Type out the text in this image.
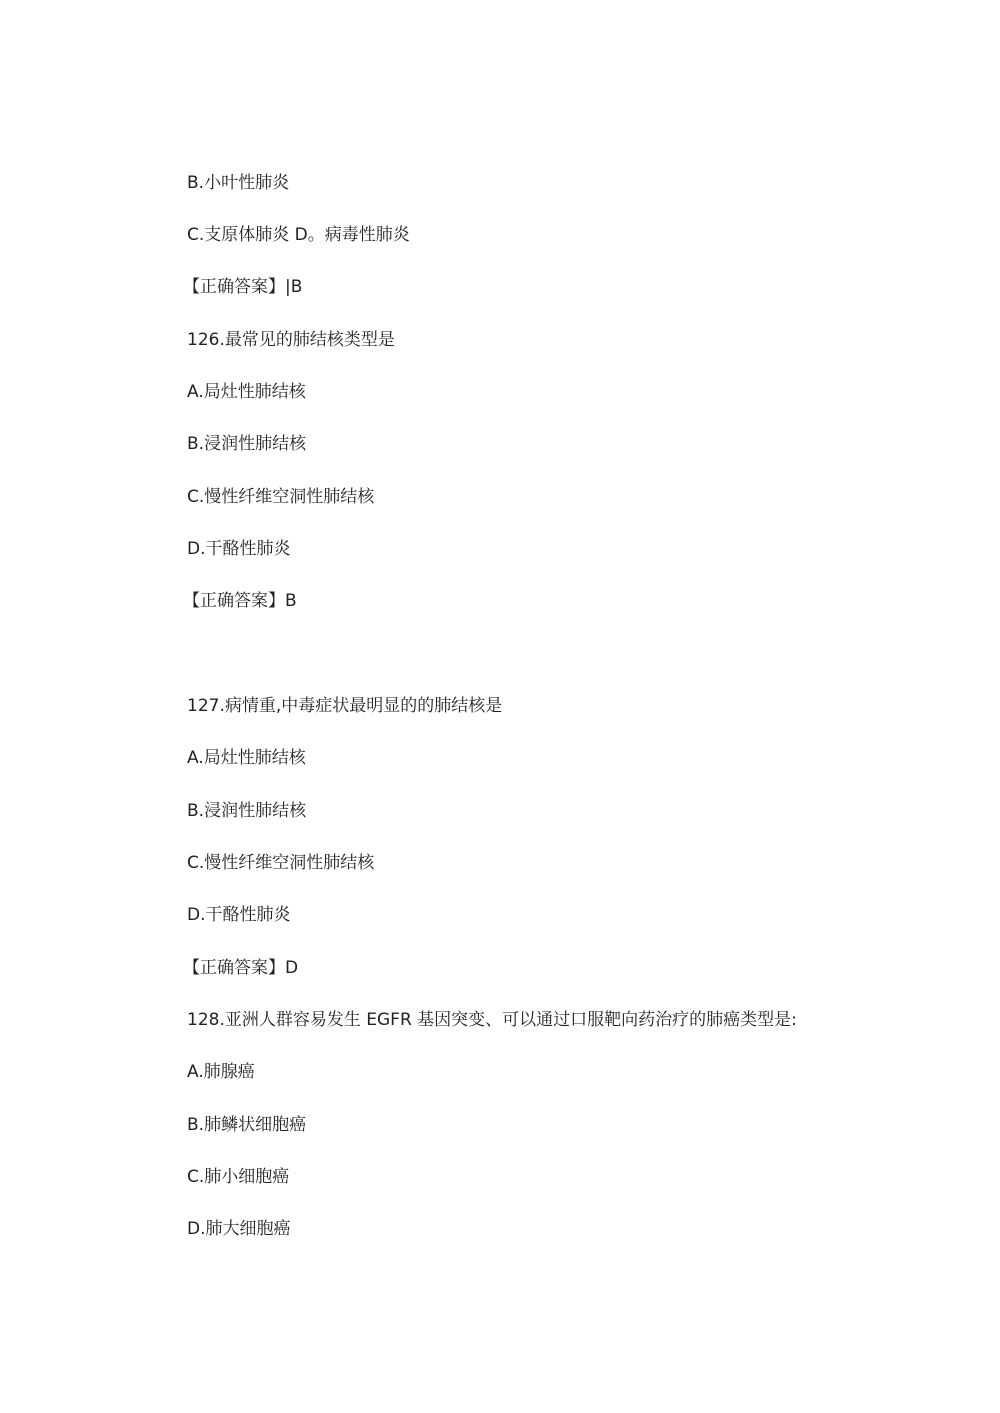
B.小叶性肺炎
C.支原体肺炎 D。病毒性肺炎
【正确答案】|B
126.最常见的肺结核类型是
A.局灶性肺结核
B.浸润性肺结核
C.慢性纤维空洞性肺结核
D.干酪性肺炎
【正确答案】B
127.病情重,中毒症状最明显的的肺结核是
A.局灶性肺结核
B.浸润性肺结核
C.慢性纤维空洞性肺结核
D.干酪性肺炎
【正确答案】D
128.亚洲人群容易发生 EGFR 基因突变、可以通过口服靶向药治疗的肺癌类型是:
A.肺腺癌
B.肺鳞状细胞癌
C.肺小细胞癌
D.肺大细胞癌
